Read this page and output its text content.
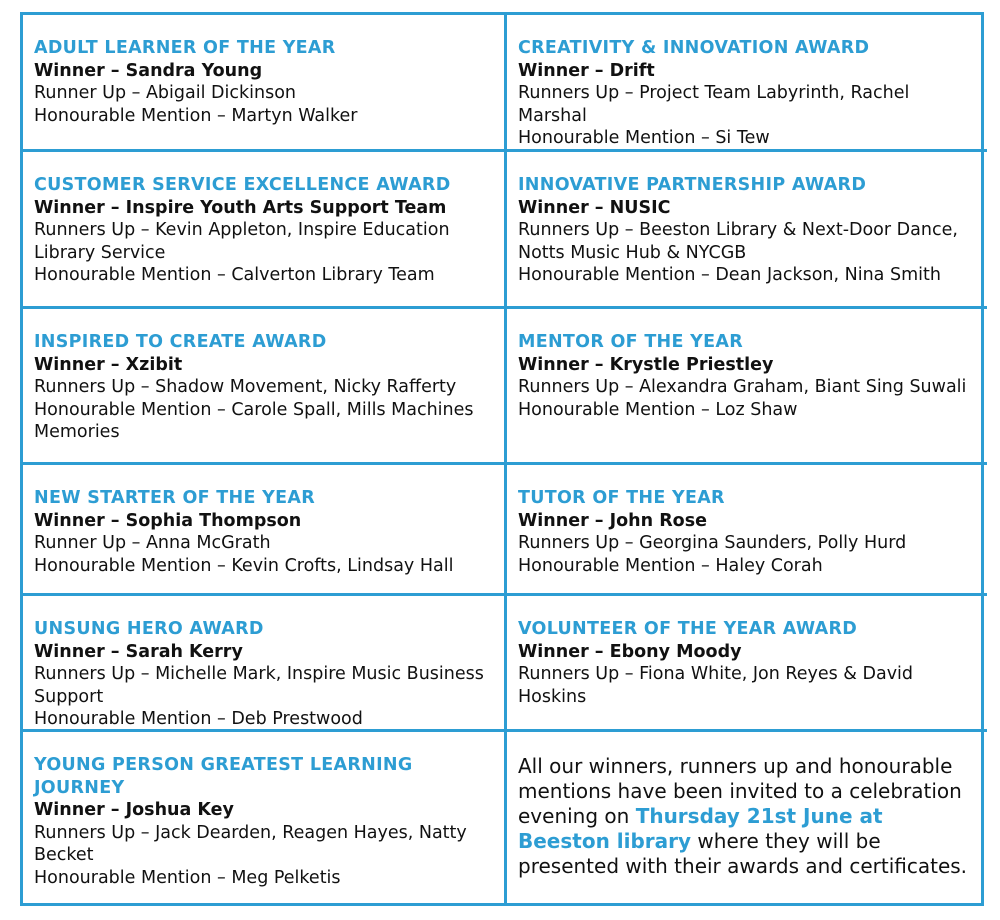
ADULT LEARNER OF THE YEAR
Winner – Sandra Young
Runner Up – Abigail Dickinson
Honourable Mention – Martyn Walker
CREATIVITY & INNOVATION AWARD
Winner – Drift
Runners Up – Project Team Labyrinth, Rachel Marshal
Honourable Mention – Si Tew
CUSTOMER SERVICE EXCELLENCE AWARD
Winner – Inspire Youth Arts Support Team
Runners Up – Kevin Appleton, Inspire Education Library Service
Honourable Mention – Calverton Library Team
INNOVATIVE PARTNERSHIP AWARD
Winner – NUSIC
Runners Up – Beeston Library & Next-Door Dance, Notts Music Hub & NYCGB
Honourable Mention – Dean Jackson, Nina Smith
INSPIRED TO CREATE AWARD
Winner – Xzibit
Runners Up – Shadow Movement, Nicky Rafferty
Honourable Mention – Carole Spall, Mills Machines Memories
MENTOR OF THE YEAR
Winner – Krystle Priestley
Runners Up – Alexandra Graham, Biant Sing Suwali
Honourable Mention – Loz Shaw
NEW STARTER OF THE YEAR
Winner – Sophia Thompson
Runner Up – Anna McGrath
Honourable Mention – Kevin Crofts, Lindsay Hall
TUTOR OF THE YEAR
Winner – John Rose
Runners Up – Georgina Saunders, Polly Hurd
Honourable Mention – Haley Corah
UNSUNG HERO AWARD
Winner – Sarah Kerry
Runners Up – Michelle Mark, Inspire Music Business Support
Honourable Mention – Deb Prestwood
VOLUNTEER OF THE YEAR AWARD
Winner – Ebony Moody
Runners Up – Fiona White, Jon Reyes & David Hoskins
YOUNG PERSON GREATEST LEARNING JOURNEY
Winner – Joshua Key
Runners Up – Jack Dearden, Reagen Hayes, Natty Becket
Honourable Mention – Meg Pelketis
All our winners, runners up and honourable mentions have been invited to a celebration evening on Thursday 21st June at Beeston library where they will be presented with their awards and certificates.
